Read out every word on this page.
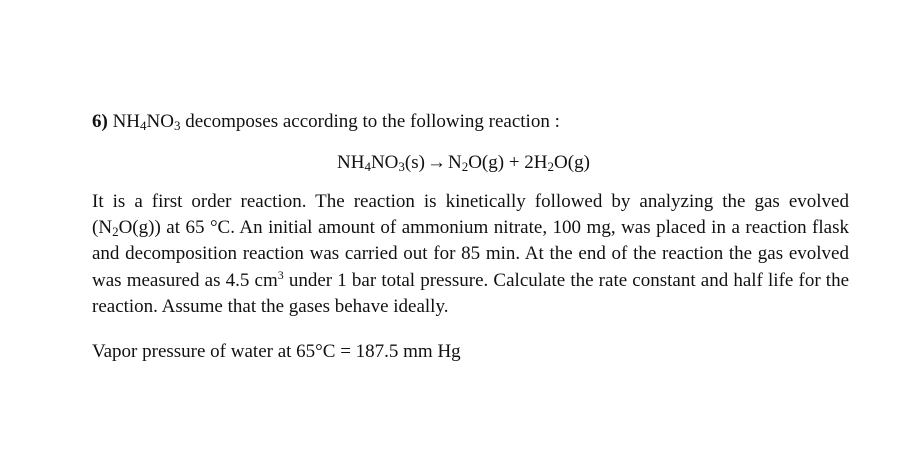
6) $NH_4NO_3$ decomposes according to the following reaction :
$NH_4NO_3(s) \to N_2O(g) + 2H_2O(g)$
It is a first order reaction. The reaction is kinetically followed by analyzing the gas evolved $(N_2O(g))$ at 65 °C. An initial amount of ammonium nitrate, 100 mg, was placed in a reaction flask and decomposition reaction was carried out for 85 min. At the end of the reaction the gas evolved was measured as 4.5 $cm^3$ under 1 bar total pressure. Calculate the rate constant and half life for the reaction. Assume that the gases behave ideally.
Vapor pressure of water at 65°C = 187.5 mm Hg
